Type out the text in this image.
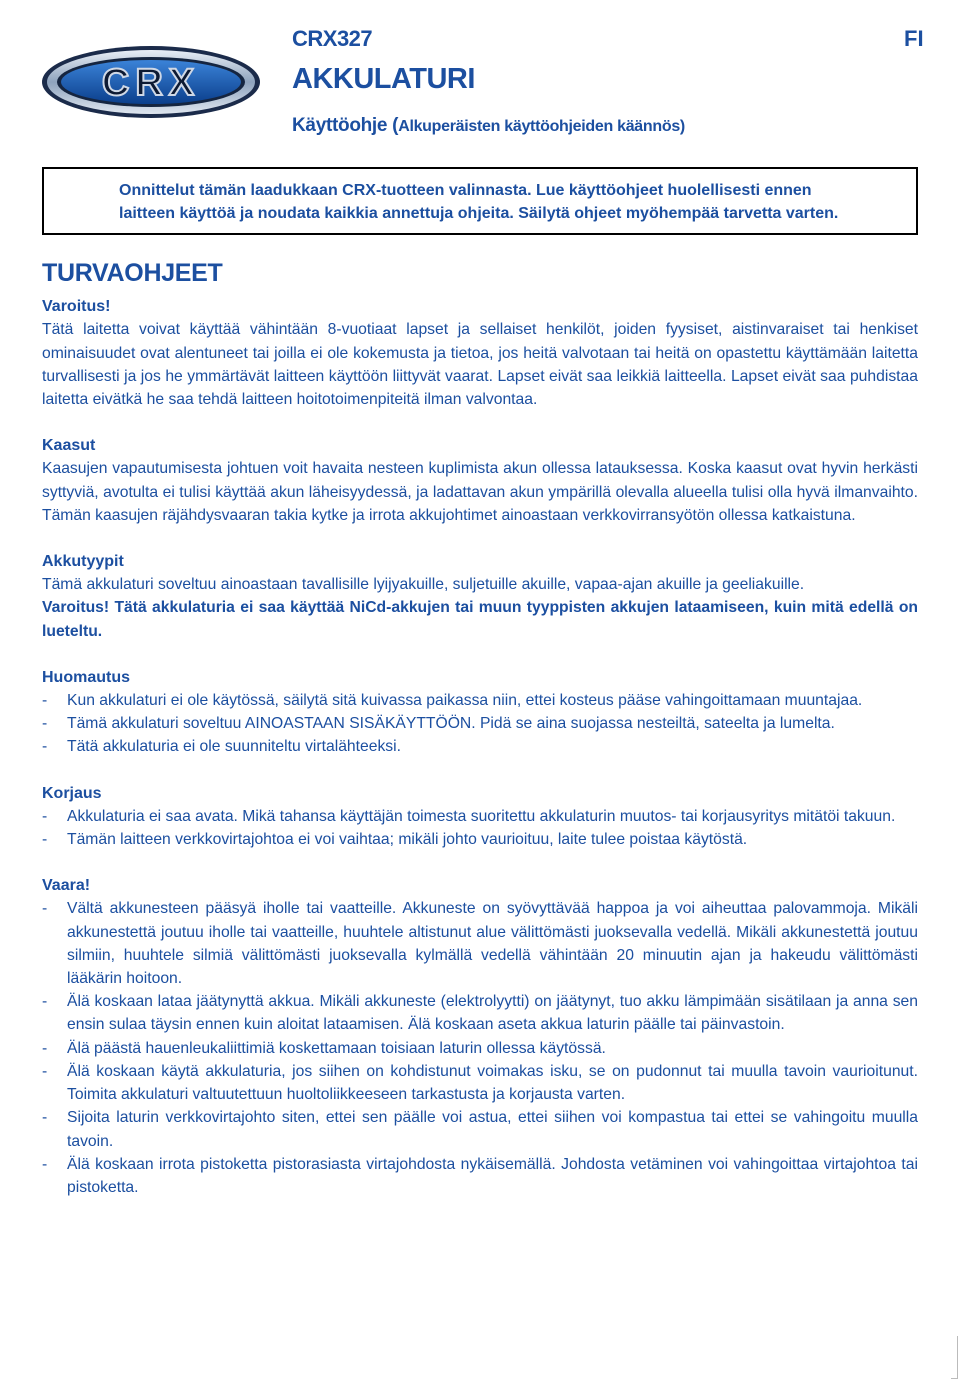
CRX
CRX327	FI
AKKULATURI
Käyttöohje (Alkuperäisten käyttöohjeiden käännös)
Onnittelut tämän laadukkaan CRX-tuotteen valinnasta. Lue käyttöohjeet huolellisesti ennen
laitteen käyttöä ja noudata kaikkia annettuja ohjeita. Säilytä ohjeet myöhempää tarvetta varten.
TURVAOHJEET
Varoitus!
Tätä laitetta voivat käyttää vähintään 8-vuotiaat lapset ja sellaiset henkilöt, joiden fyysiset, aistinvaraiset tai henkiset ominaisuudet ovat alentuneet tai joilla ei ole kokemusta ja tietoa, jos heitä valvotaan tai heitä on opastettu käyttämään laitetta turvallisesti ja jos he ymmärtävät laitteen käyttöön liittyvät vaarat. Lapset eivät saa leikkiä laitteella. Lapset eivät saa puhdistaa laitetta eivätkä he saa tehdä laitteen hoitotoimenpiteitä ilman valvontaa.
Kaasut
Kaasujen vapautumisesta johtuen voit havaita nesteen kuplimista akun ollessa latauksessa. Koska kaasut ovat hyvin herkästi syttyviä, avotulta ei tulisi käyttää akun läheisyydessä, ja ladattavan akun ympärillä olevalla alueella tulisi olla hyvä ilmanvaihto. Tämän kaasujen räjähdysvaaran takia kytke ja irrota akkujohtimet ainoastaan verkkovirransyötön ollessa katkaistuna.
Akkutyypit
Tämä akkulaturi soveltuu ainoastaan tavallisille lyijyakuille, suljetuille akuille, vapaa-ajan akuille ja geeliakuille.
Varoitus! Tätä akkulaturia ei saa käyttää NiCd-akkujen tai muun tyyppisten akkujen lataamiseen, kuin mitä edellä on lueteltu.
Huomautus
- Kun akkulaturi ei ole käytössä, säilytä sitä kuivassa paikassa niin, ettei kosteus pääse vahingoittamaan muuntajaa.
- Tämä akkulaturi soveltuu AINOASTAAN SISÄKÄYTTÖÖN. Pidä se aina suojassa nesteiltä, sateelta ja lumelta.
- Tätä akkulaturia ei ole suunniteltu virtalähteeksi.
Korjaus
- Akkulaturia ei saa avata. Mikä tahansa käyttäjän toimesta suoritettu akkulaturin muutos- tai korjausyritys mitätöi takuun.
- Tämän laitteen verkkovirtajohtoa ei voi vaihtaa; mikäli johto vaurioituu, laite tulee poistaa käytöstä.
Vaara!
- Vältä akkunesteen pääsyä iholle tai vaatteille. Akkuneste on syövyttävää happoa ja voi aiheuttaa palovammoja. Mikäli akkunestettä joutuu iholle tai vaatteille, huuhtele altistunut alue välittömästi juoksevalla vedellä. Mikäli akkunestettä joutuu silmiin, huuhtele silmiä välittömästi juoksevalla kylmällä vedellä vähintään 20 minuutin ajan ja hakeudu välittömästi lääkärin hoitoon.
- Älä koskaan lataa jäätynyttä akkua. Mikäli akkuneste (elektrolyytti) on jäätynyt, tuo akku lämpimään sisätilaan ja anna sen ensin sulaa täysin ennen kuin aloitat lataamisen. Älä koskaan aseta akkua laturin päälle tai päinvastoin.
- Älä päästä hauenleukaliittimiä koskettamaan toisiaan laturin ollessa käytössä.
- Älä koskaan käytä akkulaturia, jos siihen on kohdistunut voimakas isku, se on pudonnut tai muulla tavoin vaurioitunut. Toimita akkulaturi valtuutettuun huoltoliikkeeseen tarkastusta ja korjausta varten.
- Sijoita laturin verkkovirtajohto siten, ettei sen päälle voi astua, ettei siihen voi kompastua tai ettei se vahingoitu muulla tavoin.
- Älä koskaan irrota pistoketta pistorasiasta virtajohdosta nykäisemällä. Johdosta vetäminen voi vahingoittaa virtajohtoa tai pistoketta.
